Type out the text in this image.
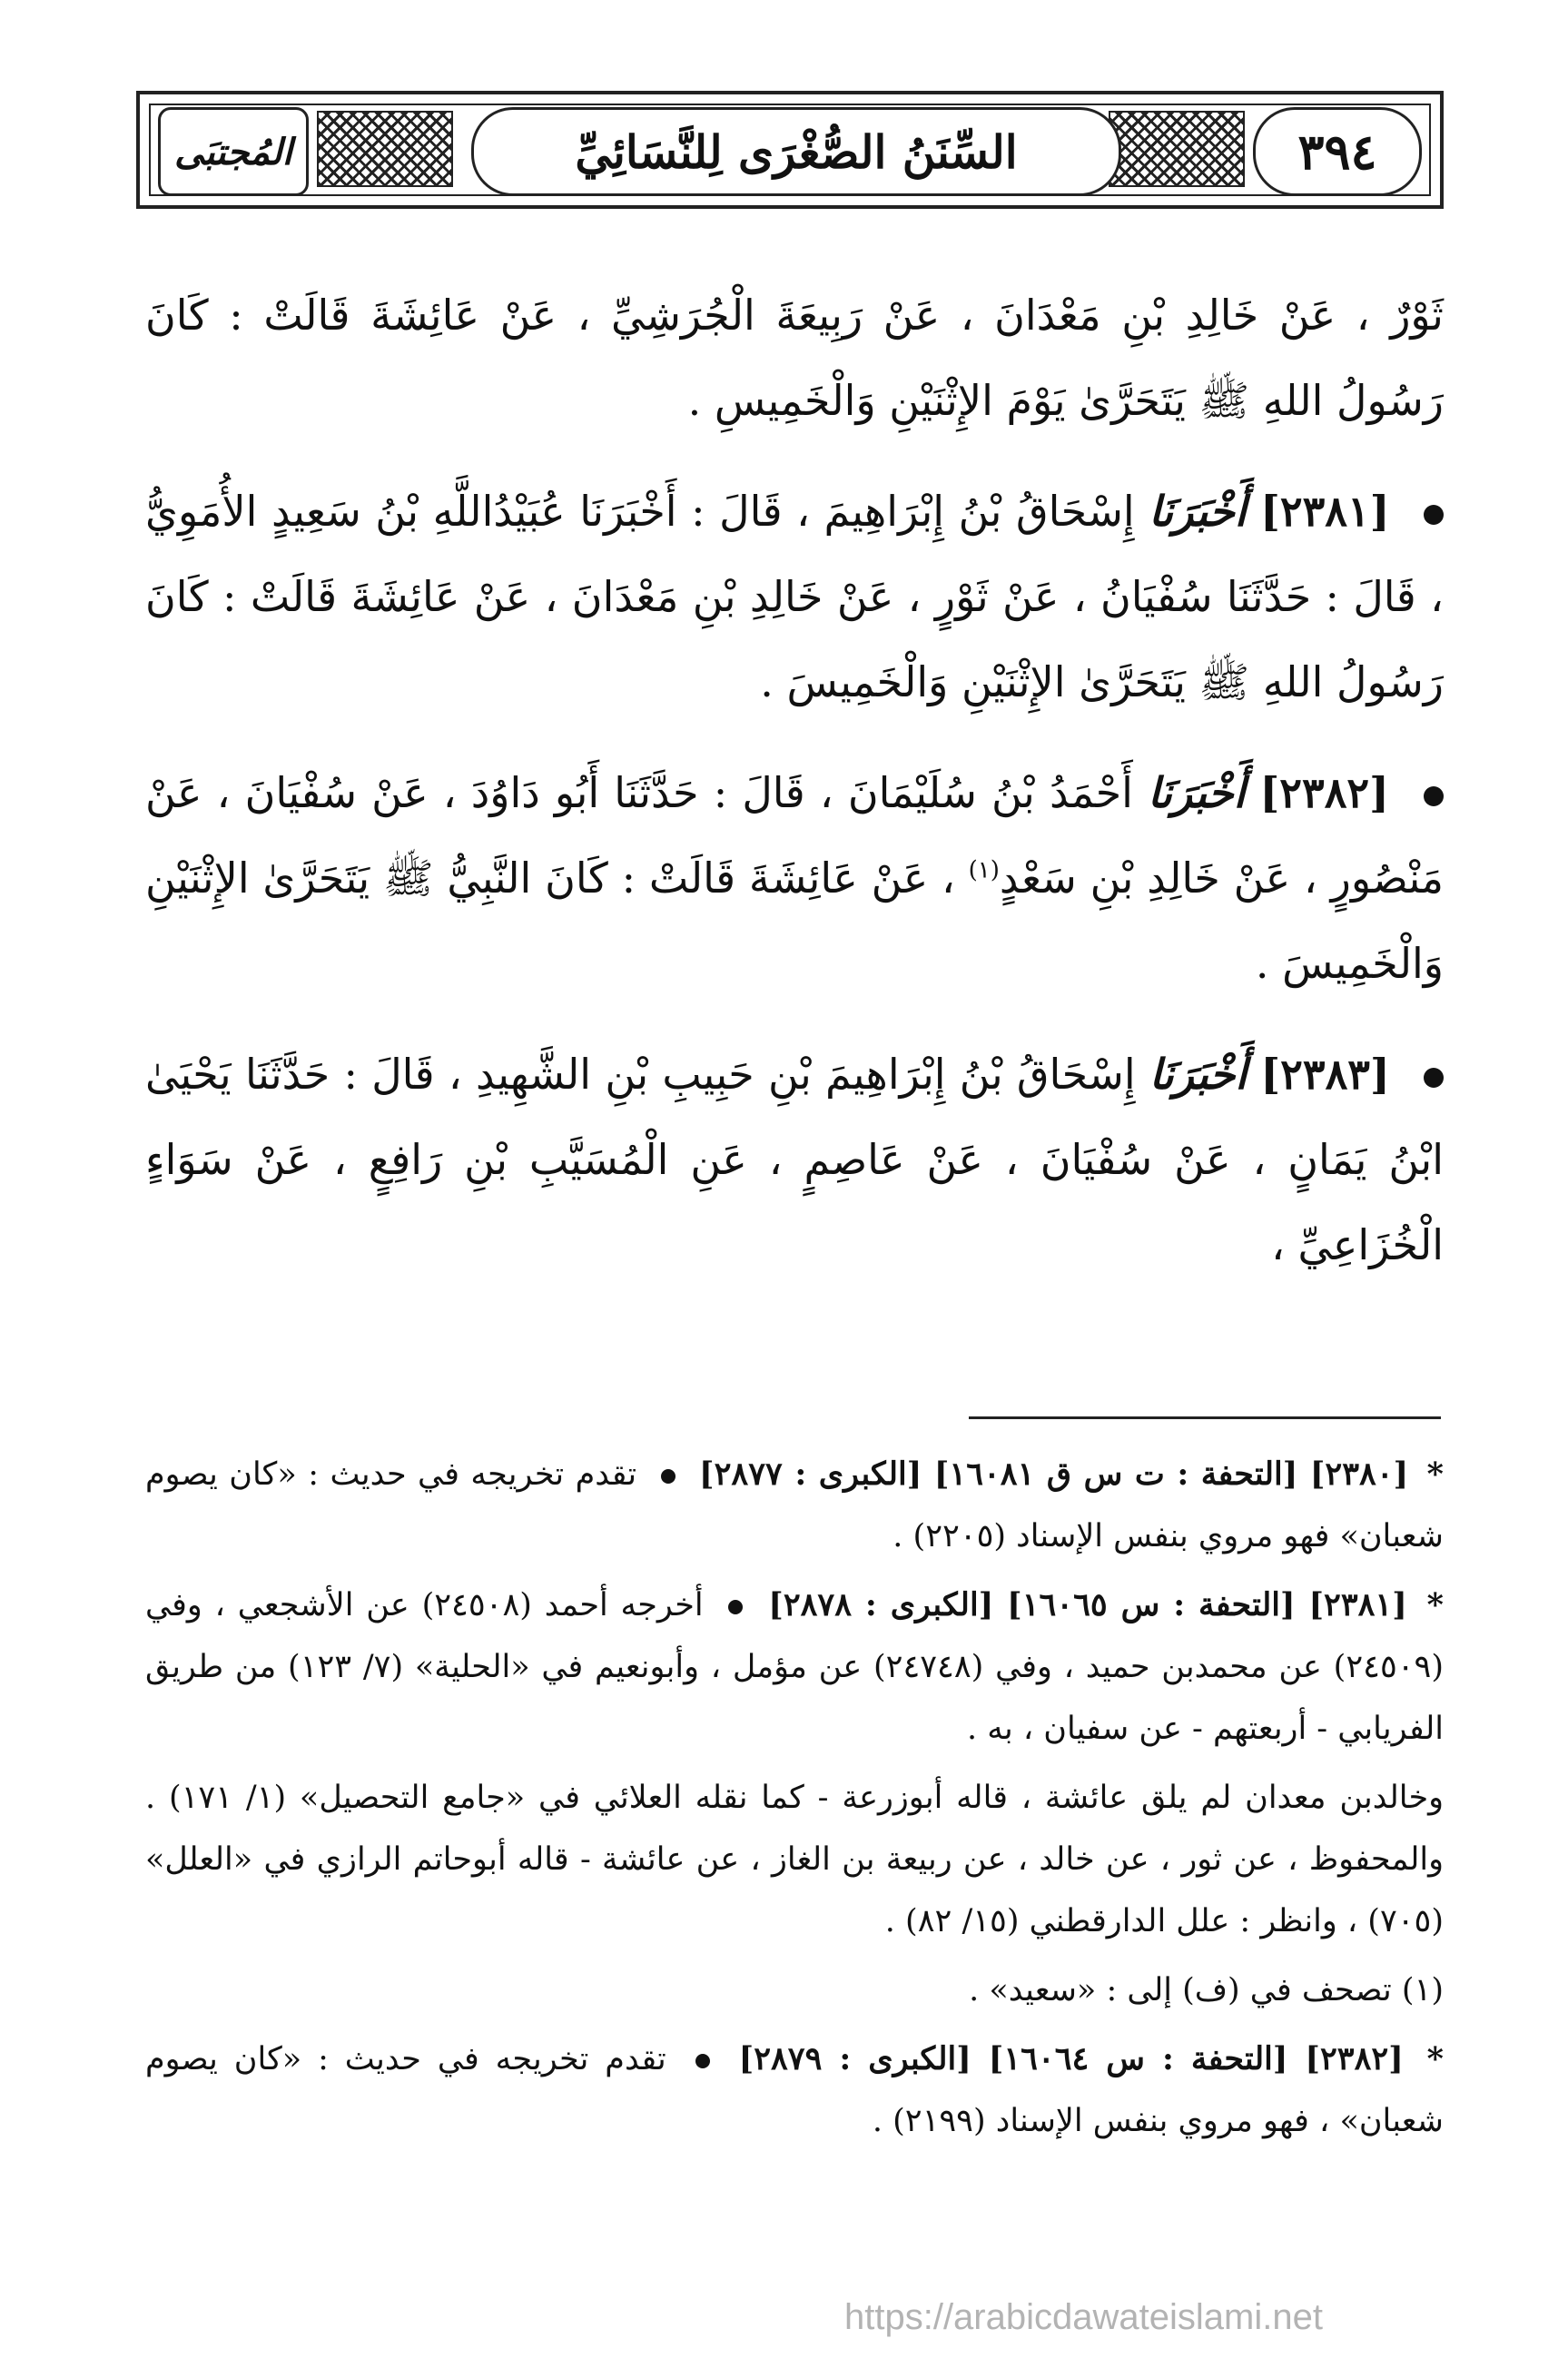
٣٩٤
السِّنَنُ الصُّغْرَى لِلنَّسَائِيِّ
المُجتبَى

ثَوْرٌ ، عَنْ خَالِدِ بْنِ مَعْدَانَ ، عَنْ رَبِيعَةَ الْجُرَشِيِّ ، عَنْ عَائِشَةَ قَالَتْ : كَانَ رَسُولُ اللهِ ﷺ يَتَحَرَّىٰ يَوْمَ الإِثْنَيْنِ وَالْخَمِيسِ .

[٢٣٨١] أَخْبَرَنَا إِسْحَاقُ بْنُ إِبْرَاهِيمَ ، قَالَ : أَخْبَرَنَا عُبَيْدُاللَّهِ بْنُ سَعِيدٍ الأُمَوِيُّ ، قَالَ : حَدَّثَنَا سُفْيَانُ ، عَنْ ثَوْرٍ ، عَنْ خَالِدِ بْنِ مَعْدَانَ ، عَنْ عَائِشَةَ قَالَتْ : كَانَ رَسُولُ اللهِ ﷺ يَتَحَرَّىٰ الإِثْنَيْنِ وَالْخَمِيسَ .

[٢٣٨٢] أَخْبَرَنَا أَحْمَدُ بْنُ سُلَيْمَانَ ، قَالَ : حَدَّثَنَا أَبُو دَاوُدَ ، عَنْ سُفْيَانَ ، عَنْ مَنْصُورٍ ، عَنْ خَالِدِ بْنِ سَعْدٍ$^{(١)}$ ، عَنْ عَائِشَةَ قَالَتْ : كَانَ النَّبِيُّ ﷺ يَتَحَرَّىٰ الإِثْنَيْنِ وَالْخَمِيسَ .

[٢٣٨٣] أَخْبَرَنَا إِسْحَاقُ بْنُ إِبْرَاهِيمَ بْنِ حَبِيبِ بْنِ الشَّهِيدِ ، قَالَ : حَدَّثَنَا يَحْيَىٰ ابْنُ يَمَانٍ ، عَنْ سُفْيَانَ ، عَنْ عَاصِمٍ ، عَنِ الْمُسَيَّبِ بْنِ رَافِعٍ ، عَنْ سَوَاءٍ الْخُزَاعِيِّ ،

* [٢٣٨٠] [التحفة : ت س ق ١٦٠٨١] [الكبرى : ٢٨٧٧]  تقدم تخريجه في حديث : «كان يصوم شعبان» فهو مروي بنفس الإسناد (٢٢٠٥) .

* [٢٣٨١] [التحفة : س ١٦٠٦٥] [الكبرى : ٢٨٧٨]  أخرجه أحمد (٢٤٥٠٨) عن الأشجعي ، وفي (٢٤٥٠٩) عن محمدبن حميد ، وفي (٢٤٧٤٨) عن مؤمل ، وأبونعيم في «الحلية» (٧/ ١٢٣) من طريق الفريابي - أربعتهم - عن سفيان ، به .

وخالدبن معدان لم يلق عائشة ، قاله أبوزرعة - كما نقله العلائي في «جامع التحصيل» (١/ ١٧١) . والمحفوظ ، عن ثور ، عن خالد ، عن ربيعة بن الغاز ، عن عائشة - قاله أبوحاتم الرازي في «العلل» (٧٠٥) ، وانظر : علل الدارقطني (١٥/ ٨٢) .

(١) تصحف في (ف) إلى : «سعيد» .

* [٢٣٨٢] [التحفة : س ١٦٠٦٤] [الكبرى : ٢٨٧٩]  تقدم تخريجه في حديث : «كان يصوم شعبان» ، فهو مروي بنفس الإسناد (٢١٩٩) .

https://arabicdawateislami.net
